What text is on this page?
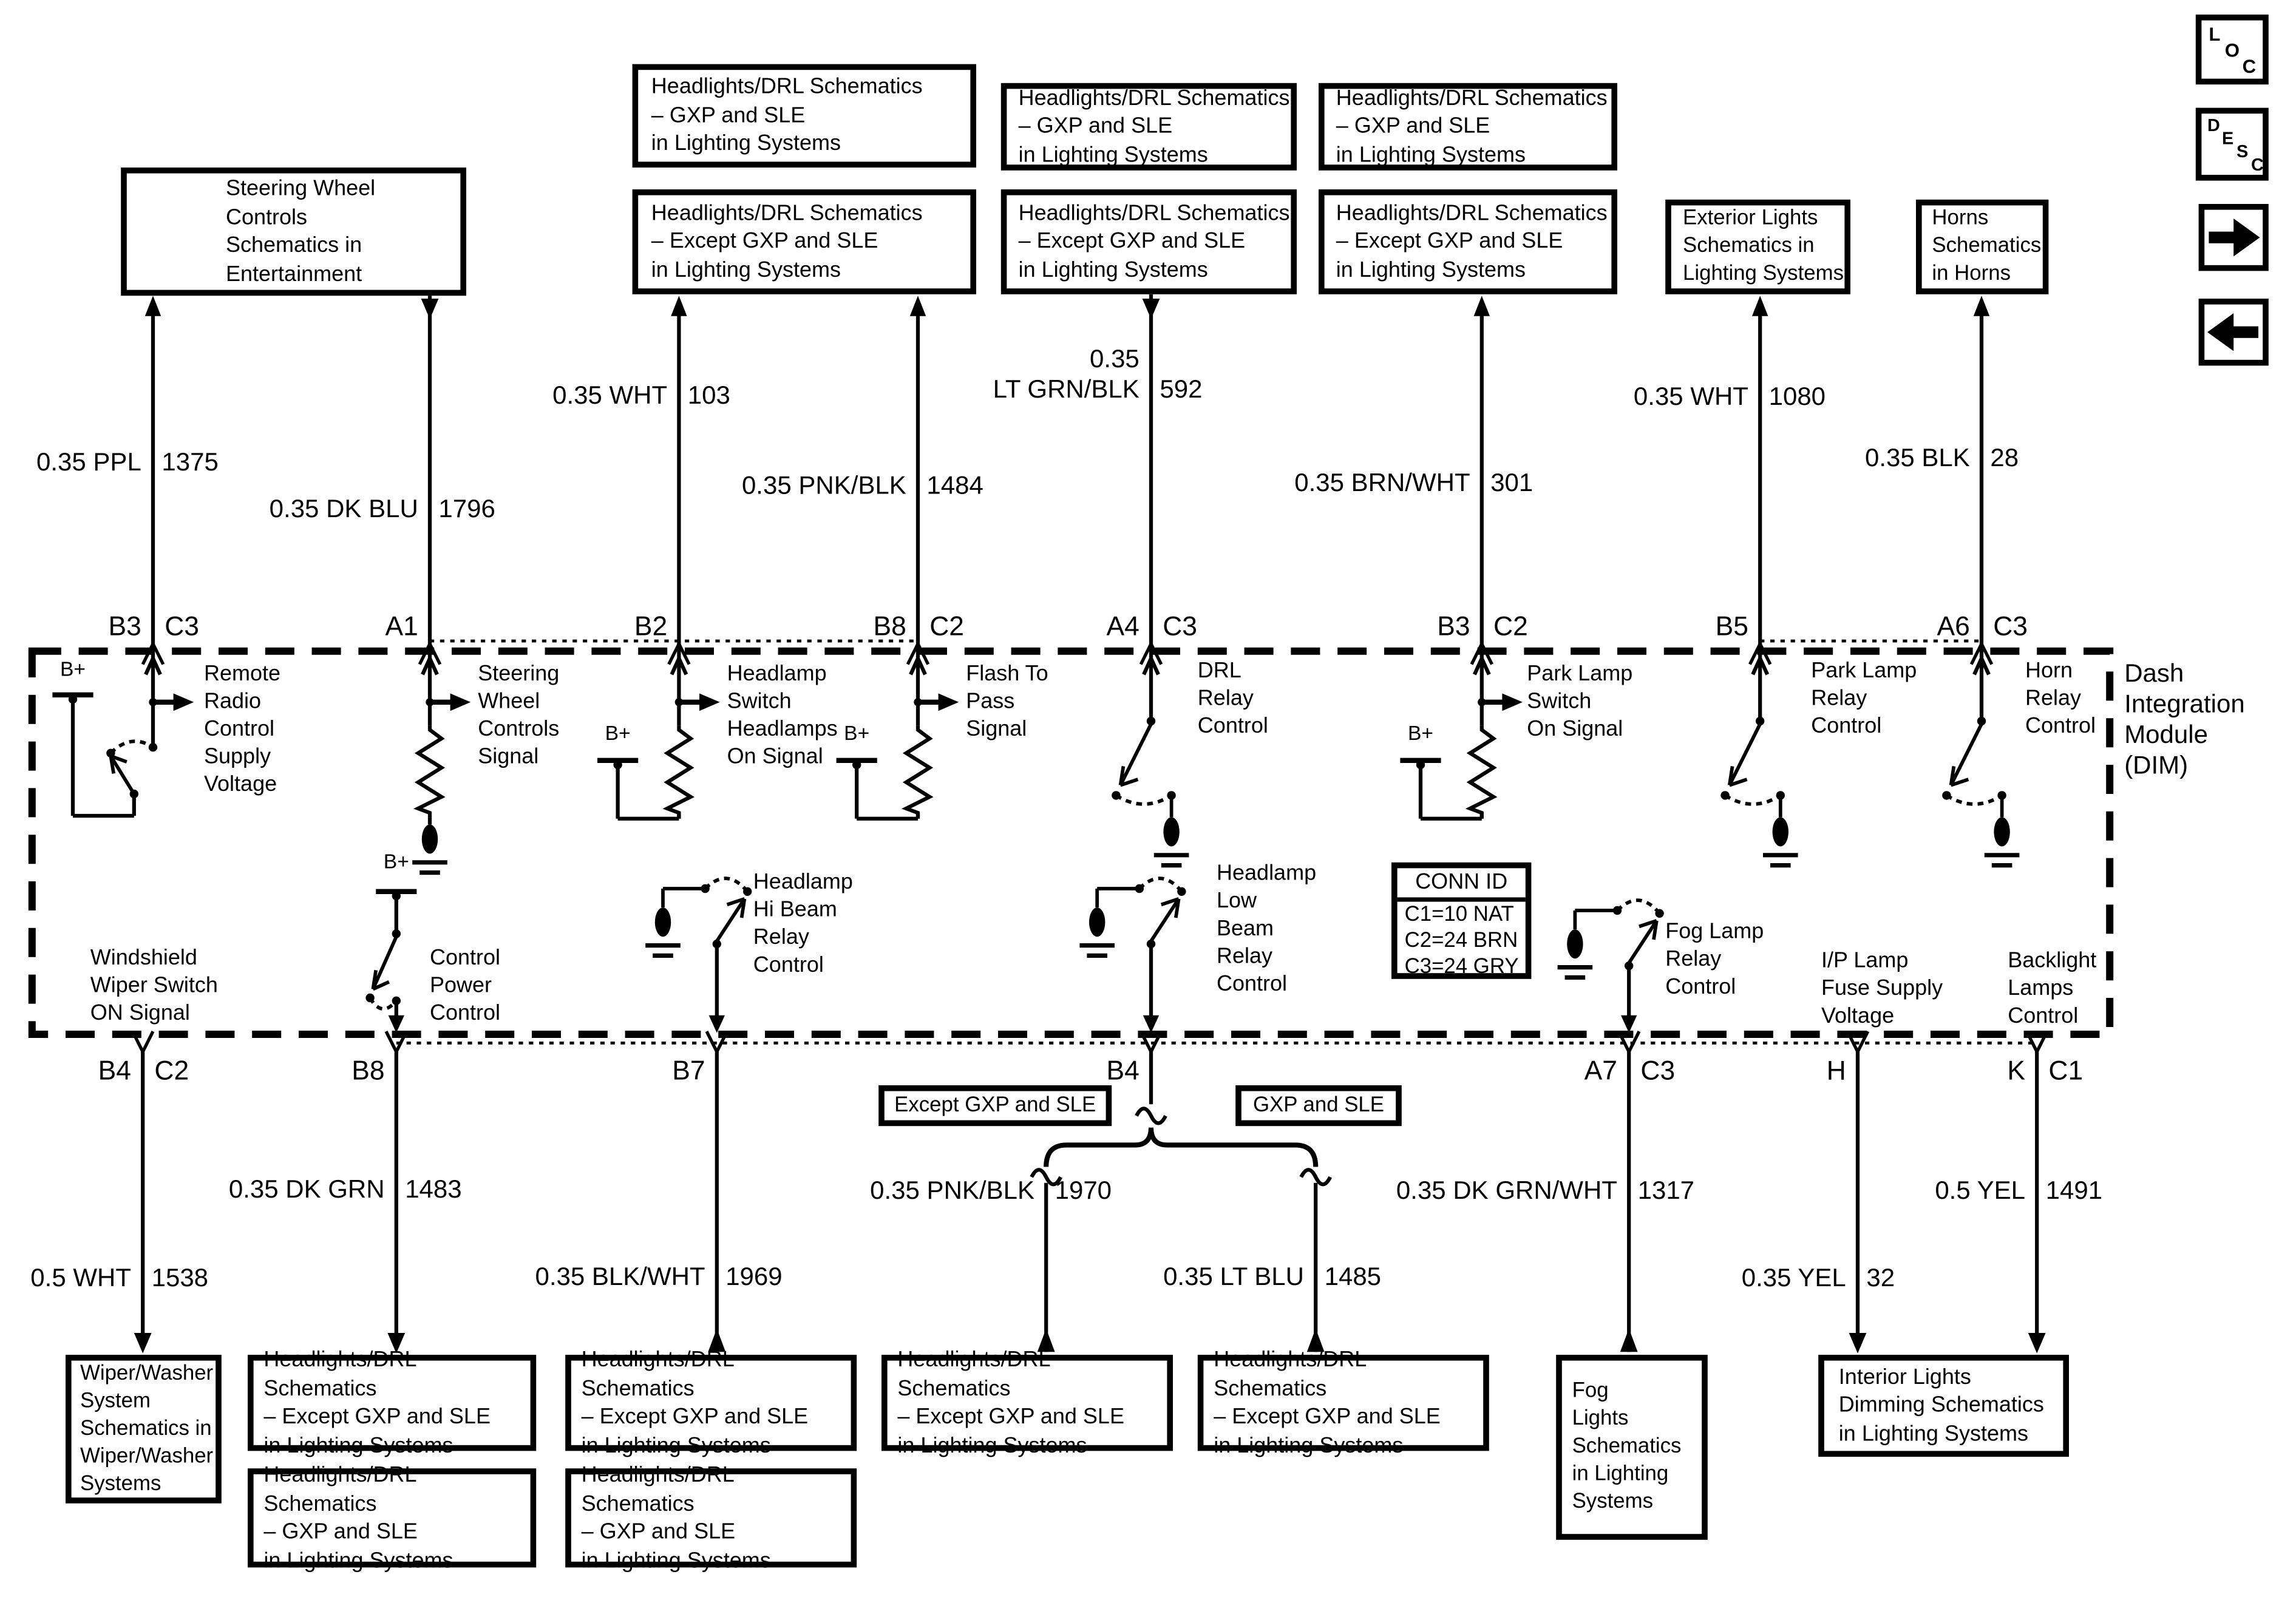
Steering Wheel
Controls
Schematics in
Entertainment
Headlights/DRL Schematics
– GXP and SLE
in Lighting Systems
Headlights/DRL Schematics
– Except GXP and SLE
in Lighting Systems
Headlights/DRL Schematics
– GXP and SLE
in Lighting Systems
Headlights/DRL Schematics
– Except GXP and SLE
in Lighting Systems
Headlights/DRL Schematics
– GXP and SLE
in Lighting Systems
Headlights/DRL Schematics
– Except GXP and SLE
in Lighting Systems
Exterior Lights
Schematics in
Lighting Systems
Horns
Schematics
in Horns
L
O
C
D
E
S
C
0.35 PPL 1375
0.35 DK BLU 1796
0.35 WHT 103
0.35 PNK/BLK 1484
0.35
LT GRN/BLK 592
0.35 BRN/WHT 301
0.35 WHT 1080
0.35 BLK 28
B3 C3	A1	B2	B8 C2	A4 C3	B3 C2	B5	A6 C3
B+	Remote
Radio
Control
Supply
Voltage
Steering
Wheel
Controls
Signal
B+
Headlamp
Switch
Headlamps
On Signal
B+
Flash To
Pass
Signal
DRL
Relay
Control	B+
Park Lamp
Switch
On Signal
Park Lamp
Relay
Control
Horn
Relay
Control
Dash
Integration
Module
(DIM)
Windshield
Wiper Switch
ON Signal
B+
Control
Power
Control
Headlamp
Hi Beam
Relay
Control
Headlamp
Low
Beam
Relay
Control
CONN ID
C1=10 NAT
C2=24 BRN
C3=24 GRY
Fog Lamp
Relay
Control
I/P Lamp
Fuse Supply
Voltage
Backlight
Lamps
Control
B4 C2	B8	B7	B4	A7 C3	H	K C1
Except GXP and SLE	GXP and SLE
0.5 WHT 1538
0.35 DK GRN 1483
0.35 BLK/WHT 1969
0.35 PNK/BLK 1970
0.35 LT BLU 1485
0.35 DK GRN/WHT 1317
0.35 YEL 32
0.5 YEL 1491
Wiper/Washer
System
Schematics in
Wiper/Washer
Systems
Headlights/DRL Schematics
– Except GXP and SLE
in Lighting Systems
Headlights/DRL Schematics
– GXP and SLE
in Lighting Systems
Headlights/DRL Schematics
– Except GXP and SLE
in Lighting Systems
Headlights/DRL Schematics
– GXP and SLE
in Lighting Systems
Headlights/DRL Schematics
– Except GXP and SLE
in Lighting Systems
Headlights/DRL Schematics
– Except GXP and SLE
in Lighting Systems
Fog
Lights
Schematics
in Lighting
Systems
Interior Lights
Dimming Schematics
in Lighting Systems
